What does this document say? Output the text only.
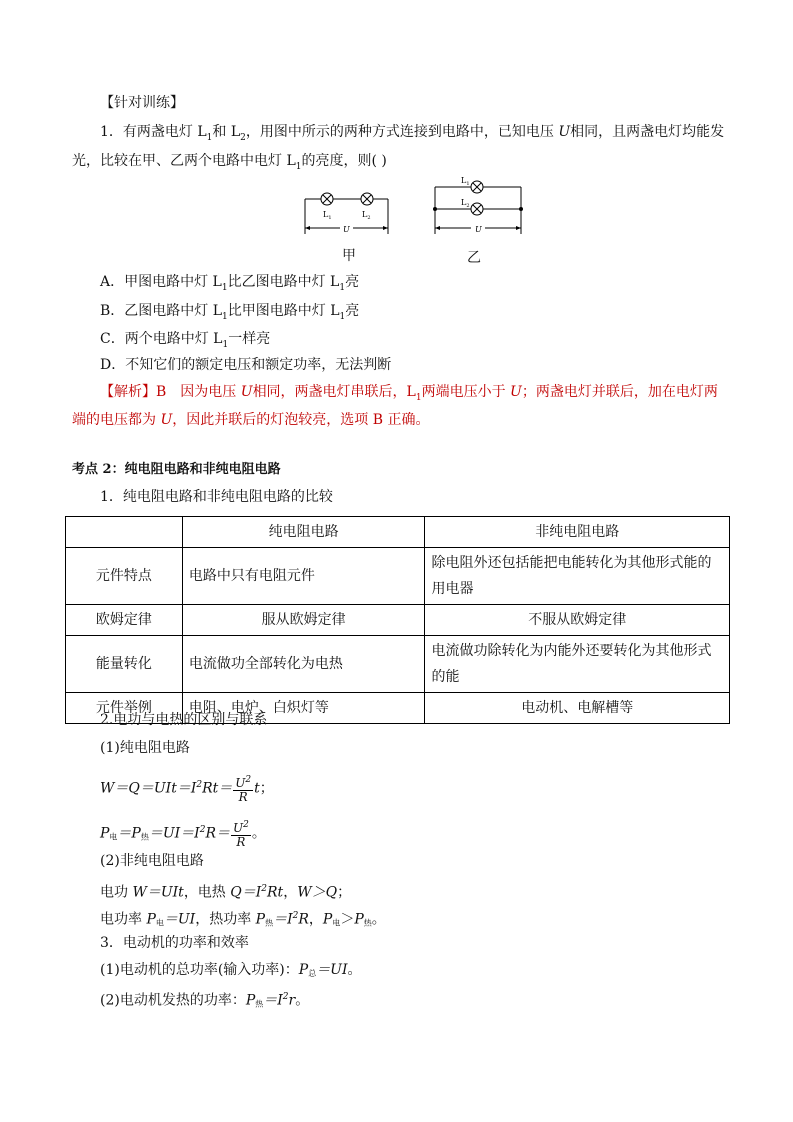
【针对训练】
1．有两盏电灯 $L_1$和 $L_2$，用图中所示的两种方式连接到电路中，已知电压 U相同，且两盏电灯均能发
光，比较在甲、乙两个电路中电灯 $L_1$的亮度，则( )
$L_1$	$L_2$
U
$L_1$
$L_2$
U
甲	乙
A．甲图电路中灯 $L_1$比乙图电路中灯 $L_1$亮
B．乙图电路中灯 $L_1$比甲图电路中灯 $L_1$亮
C．两个电路中灯 $L_1$一样亮
D．不知它们的额定电压和额定功率，无法判断
【解析】B　因为电压 U相同，两盏电灯串联后，$L_1$两端电压小于 U；两盏电灯并联后，加在电灯两
端的电压都为 U，因此并联后的灯泡较亮，选项 B 正确。
考点 2：纯电阻电路和非纯电阻电路
1．纯电阻电路和非纯电阻电路的比较
	纯电阻电路	非纯电阻电路
元件特点	电路中只有电阻元件	除电阻外还包括能把电能转化为其他形式能的用电器
欧姆定律	服从欧姆定律	不服从欧姆定律
能量转化	电流做功全部转化为电热	电流做功除转化为内能外还要转化为其他形式的能
元件举例	电阻、电炉、白炽灯等	电动机、电解槽等
2.电功与电热的区别与联系
(1)纯电阻电路
$W=Q=UIt=I^2Rt= \frac{U^2}{R}$ t；
P电＝P热$=UI=I^2R= \frac{U^2}{R}$ 。
(2)非纯电阻电路
电功 W＝UIt，电热 $Q=I^2Rt$，W＞Q；
电功率 P电＝UI，热功率 P热$=I^2R$，P电＞P热。
3．电动机的功率和效率
(1)电动机的总功率(输入功率)：P总＝UI。
(2)电动机发热的功率：P热$=I^2r$。
